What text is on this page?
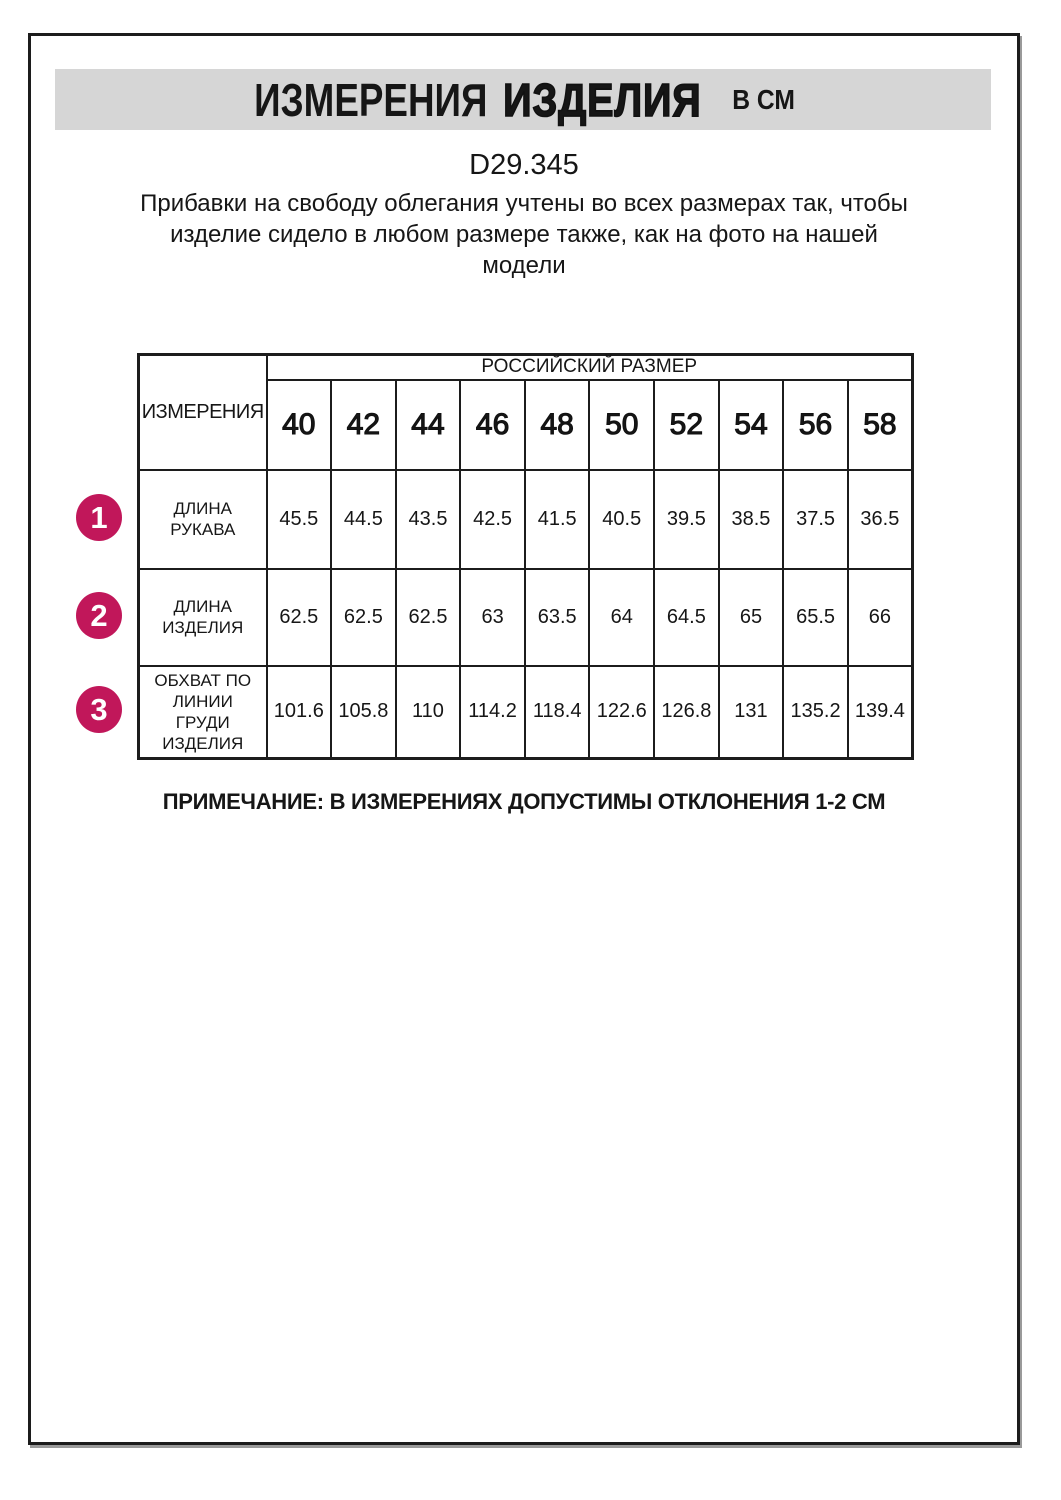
ИЗМЕРЕНИЯ ИЗДЕЛИЯ В СМ
D29.345
Прибавки на свободу облегания учтены во всех размерах так, чтобы
изделие сидело в любом размере также, как на фото на нашей
модели
ИЗМЕРЕНИЯ	РОССИЙСКИЙ РАЗМЕР									
	40	42	44	46	48	50	52	54	56	58

ДЛИНА
РУКАВА	45.5	44.5	43.5	42.5	41.5	40.5	39.5	38.5	37.5	36.5

ДЛИНА
ИЗДЕЛИЯ	62.5	62.5	62.5	63	63.5	64	64.5	65	65.5	66

ОБХВАТ ПО
ЛИНИИ
ГРУДИ
ИЗДЕЛИЯ	101.6	105.8	110	114.2	118.4	122.6	126.8	131	135.2	139.4
1
2
3
ПРИМЕЧАНИЕ: В ИЗМЕРЕНИЯХ ДОПУСТИМЫ ОТКЛОНЕНИЯ 1-2 СМ
